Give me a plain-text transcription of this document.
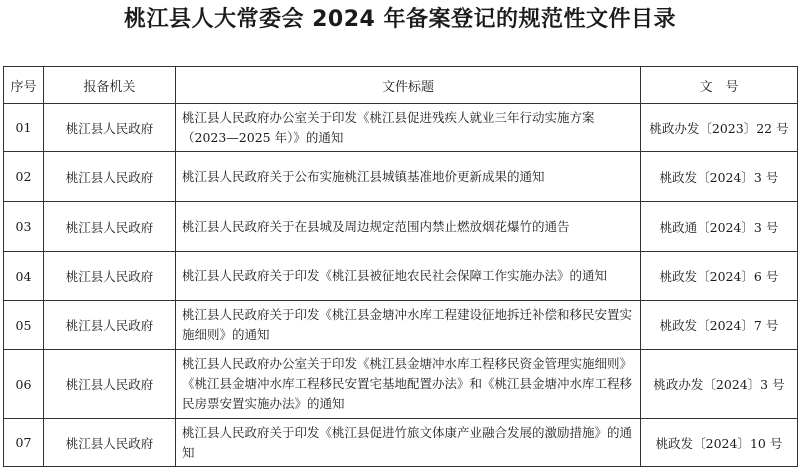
桃江县人大常委会 2024 年备案登记的规范性文件目录
序号	报备机关	文件标题	文　号
01	桃江县人民政府	桃江县人民政府办公室关于印发《桃江县促进残疾人就业三年行动实施方案（2023—2025 年）》的通知	桃政办发〔2023〕22 号
02	桃江县人民政府	桃江县人民政府关于公布实施桃江县城镇基准地价更新成果的通知	桃政发〔2024〕3 号
03	桃江县人民政府	桃江县人民政府关于在县城及周边规定范围内禁止燃放烟花爆竹的通告	桃政通〔2024〕3 号
04	桃江县人民政府	桃江县人民政府关于印发《桃江县被征地农民社会保障工作实施办法》的通知	桃政发〔2024〕6 号
05	桃江县人民政府	桃江县人民政府关于印发《桃江县金塘冲水库工程建设征地拆迁补偿和移民安置实施细则》的通知	桃政发〔2024〕7 号
06	桃江县人民政府	桃江县人民政府办公室关于印发《桃江县金塘冲水库工程移民资金管理实施细则》《桃江县金塘冲水库工程移民安置宅基地配置办法》和《桃江县金塘冲水库工程移民房票安置实施办法》的通知	桃政办发〔2024〕3 号
07	桃江县人民政府	桃江县人民政府关于印发《桃江县促进竹旅文体康产业融合发展的激励措施》的通知	桃政发〔2024〕10 号
